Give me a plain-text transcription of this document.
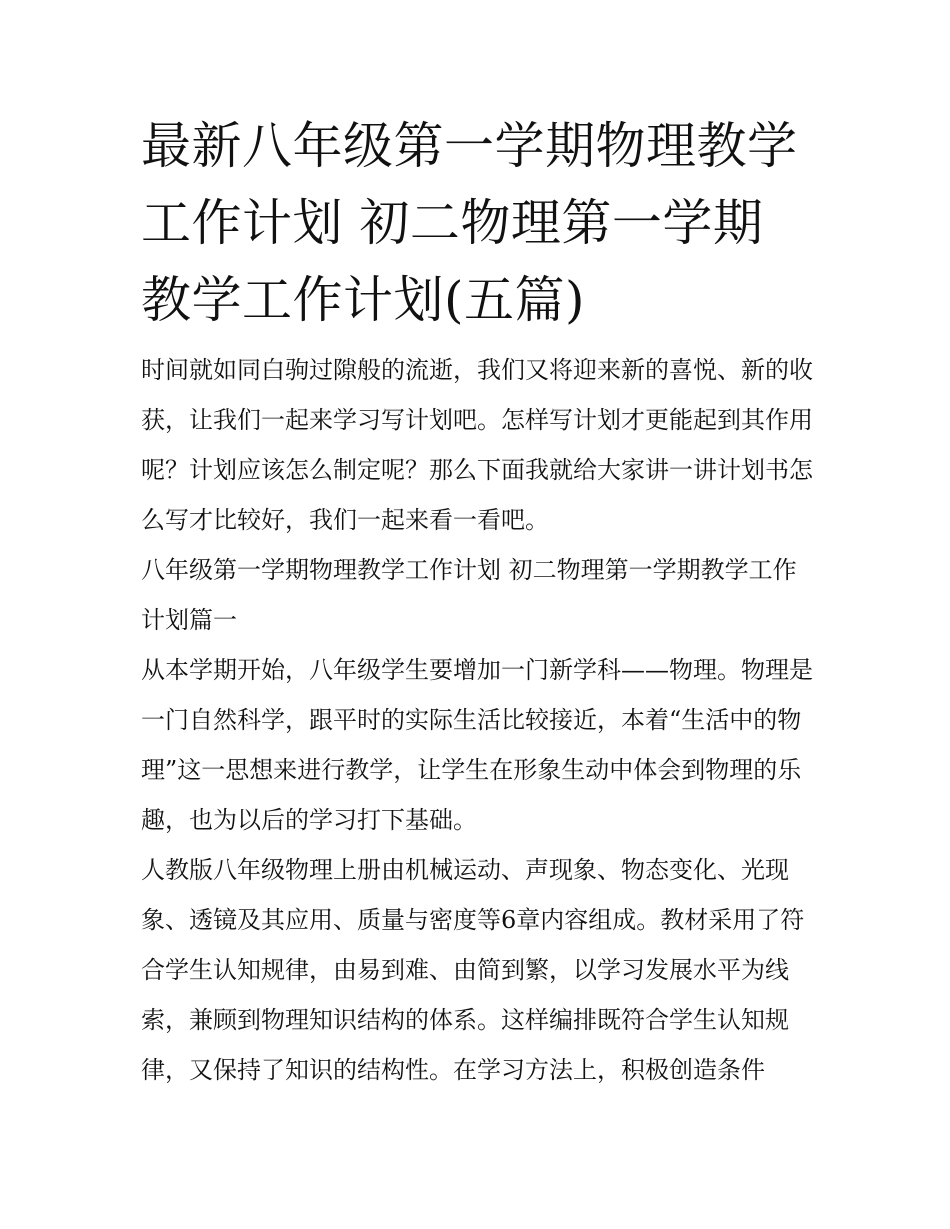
最新八年级第一学期物理教学工作计划 初二物理第一学期教学工作计划(五篇)

时间就如同白驹过隙般的流逝，我们又将迎来新的喜悦、新的收获，让我们一起来学习写计划吧。怎样写计划才更能起到其作用呢？计划应该怎么制定呢？那么下面我就给大家讲一讲计划书怎么写才比较好，我们一起来看一看吧。

八年级第一学期物理教学工作计划 初二物理第一学期教学工作计划篇一

从本学期开始，八年级学生要增加一门新学科——物理。物理是一门自然科学，跟平时的实际生活比较接近，本着“生活中的物理”这一思想来进行教学，让学生在形象生动中体会到物理的乐趣，也为以后的学习打下基础。

人教版八年级物理上册由机械运动、声现象、物态变化、光现象、透镜及其应用、质量与密度等6章内容组成。教材采用了符合学生认知规律，由易到难、由简到繁，以学习发展水平为线索，兼顾到物理知识结构的体系。这样编排既符合学生认知规律，又保持了知识的结构性。在学习方法上，积极创造条件
